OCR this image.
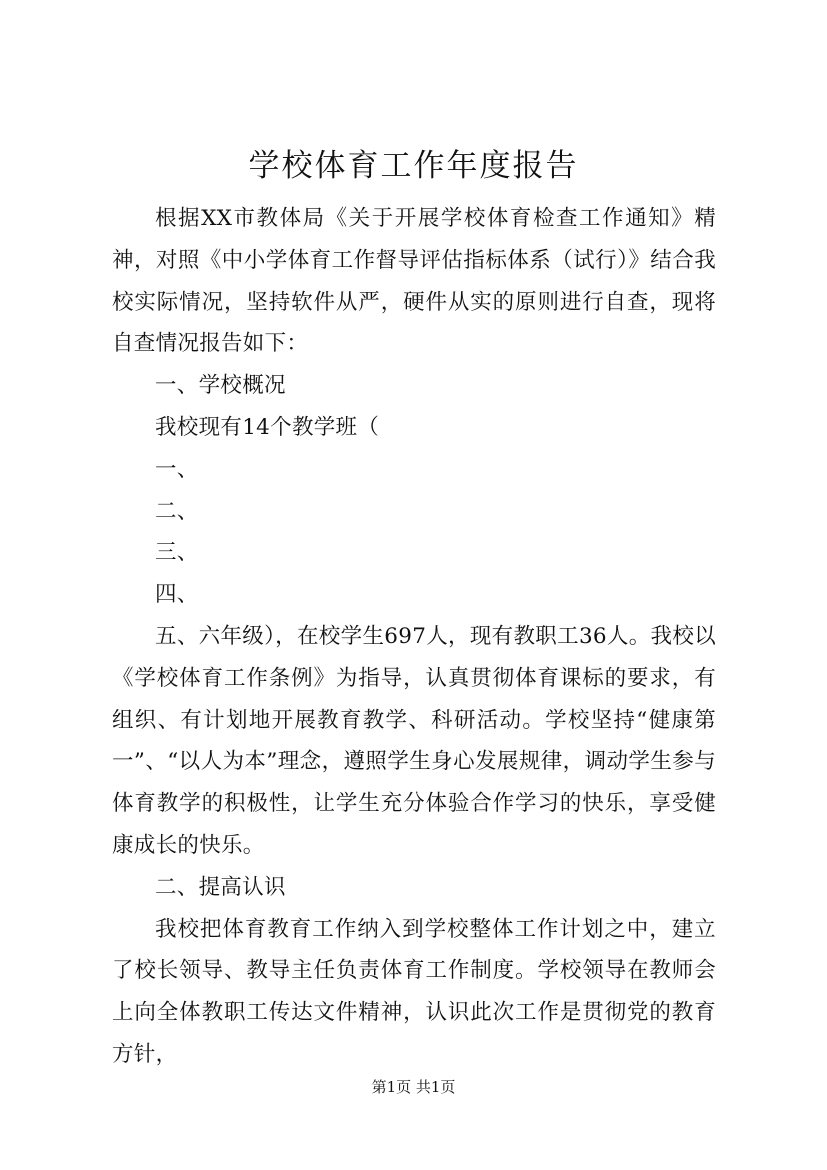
学校体育工作年度报告

根据XX市教体局《关于开展学校体育检查工作通知》精神，对照《中小学体育工作督导评估指标体系（试行）》结合我校实际情况，坚持软件从严，硬件从实的原则进行自查，现将自查情况报告如下：

一、学校概况

我校现有14个教学班（

一、

二、

三、

四、

五、六年级），在校学生697人，现有教职工36人。我校以《学校体育工作条例》为指导，认真贯彻体育课标的要求，有组织、有计划地开展教育教学、科研活动。学校坚持“健康第一”、“以人为本”理念，遵照学生身心发展规律，调动学生参与体育教学的积极性，让学生充分体验合作学习的快乐，享受健康成长的快乐。

二、提高认识

我校把体育教育工作纳入到学校整体工作计划之中，建立了校长领导、教导主任负责体育工作制度。学校领导在教师会上向全体教职工传达文件精神，认识此次工作是贯彻党的教育方针，

第1页 共1页
